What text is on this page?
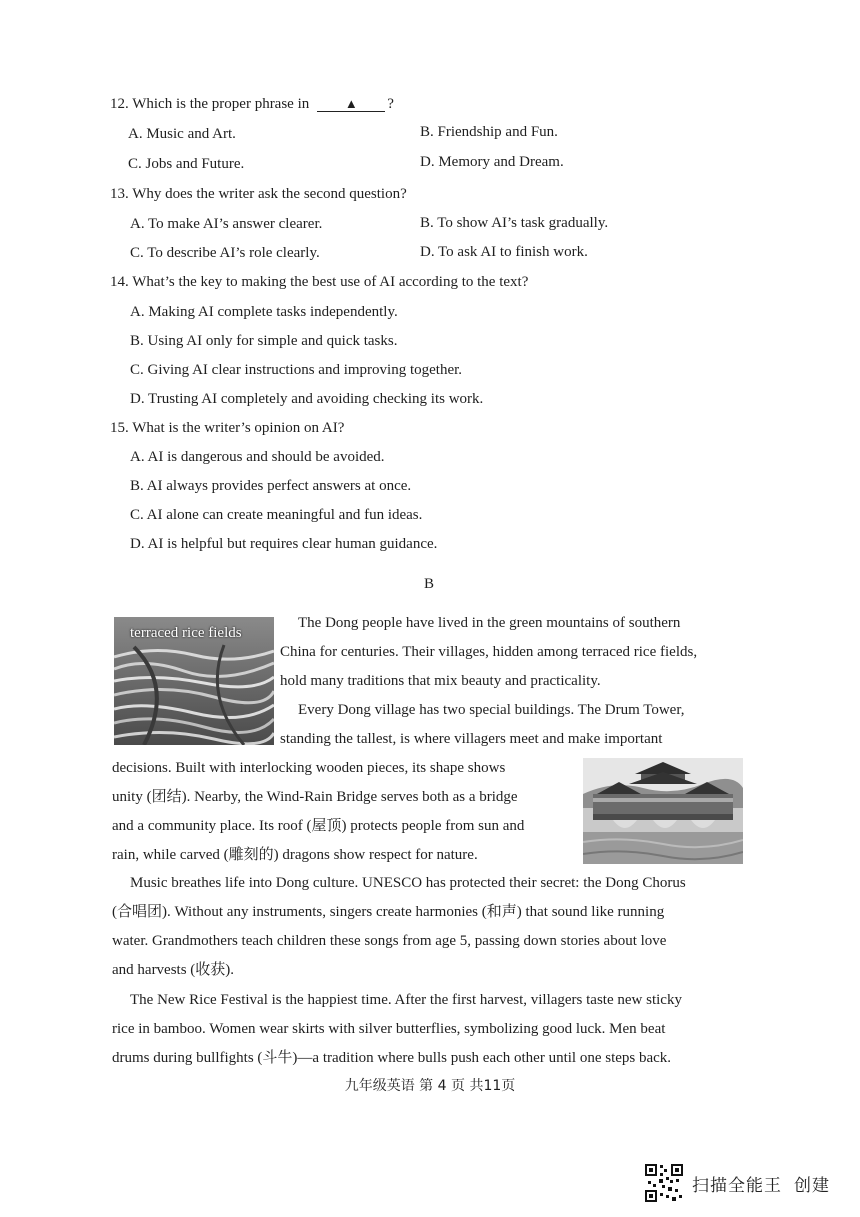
12. Which is the proper phrase in	▲ ?
A. Music and Art.	B. Friendship and Fun.
C. Jobs and Future.	D. Memory and Dream.
13. Why does the writer ask the second question?
A. To make AI’s answer clearer.	B. To show AI’s task gradually.
C. To describe AI’s role clearly.	D. To ask AI to finish work.
14. What’s the key to making the best use of AI according to the text?
A. Making AI complete tasks independently.
B. Using AI only for simple and quick tasks.
C. Giving AI clear instructions and improving together.
D. Trusting AI completely and avoiding checking its work.
15. What is the writer’s opinion on AI?
A. AI is dangerous and should be avoided.
B. AI always provides perfect answers at once.
C. AI alone can create meaningful and fun ideas.
D. AI is helpful but requires clear human guidance.
B
terraced rice fields
The Dong people have lived in the green mountains of southern
China for centuries. Their villages, hidden among terraced rice fields,
hold many traditions that mix beauty and practicality.
Every Dong village has two special buildings. The Drum Tower,
standing the tallest, is where villagers meet and make important
decisions. Built with interlocking wooden pieces, its shape shows
unity (团结). Nearby, the Wind-Rain Bridge serves both as a bridge
and a community place. Its roof (屋顶) protects people from sun and
rain, while carved (雕刻的) dragons show respect for nature.
Music breathes life into Dong culture. UNESCO has protected their secret: the Dong Chorus
(合唱团). Without any instruments, singers create harmonies (和声) that sound like running
water. Grandmothers teach children these songs from age 5, passing down stories about love
and harvests (收获).
The New Rice Festival is the happiest time. After the first harvest, villagers taste new sticky
rice in bamboo. Women wear skirts with silver butterflies, symbolizing good luck. Men beat
drums during bullfights (斗牛)—a tradition where bulls push each other until one steps back.
九年级英语 第 4 页 共11页
扫描全能王 创建
